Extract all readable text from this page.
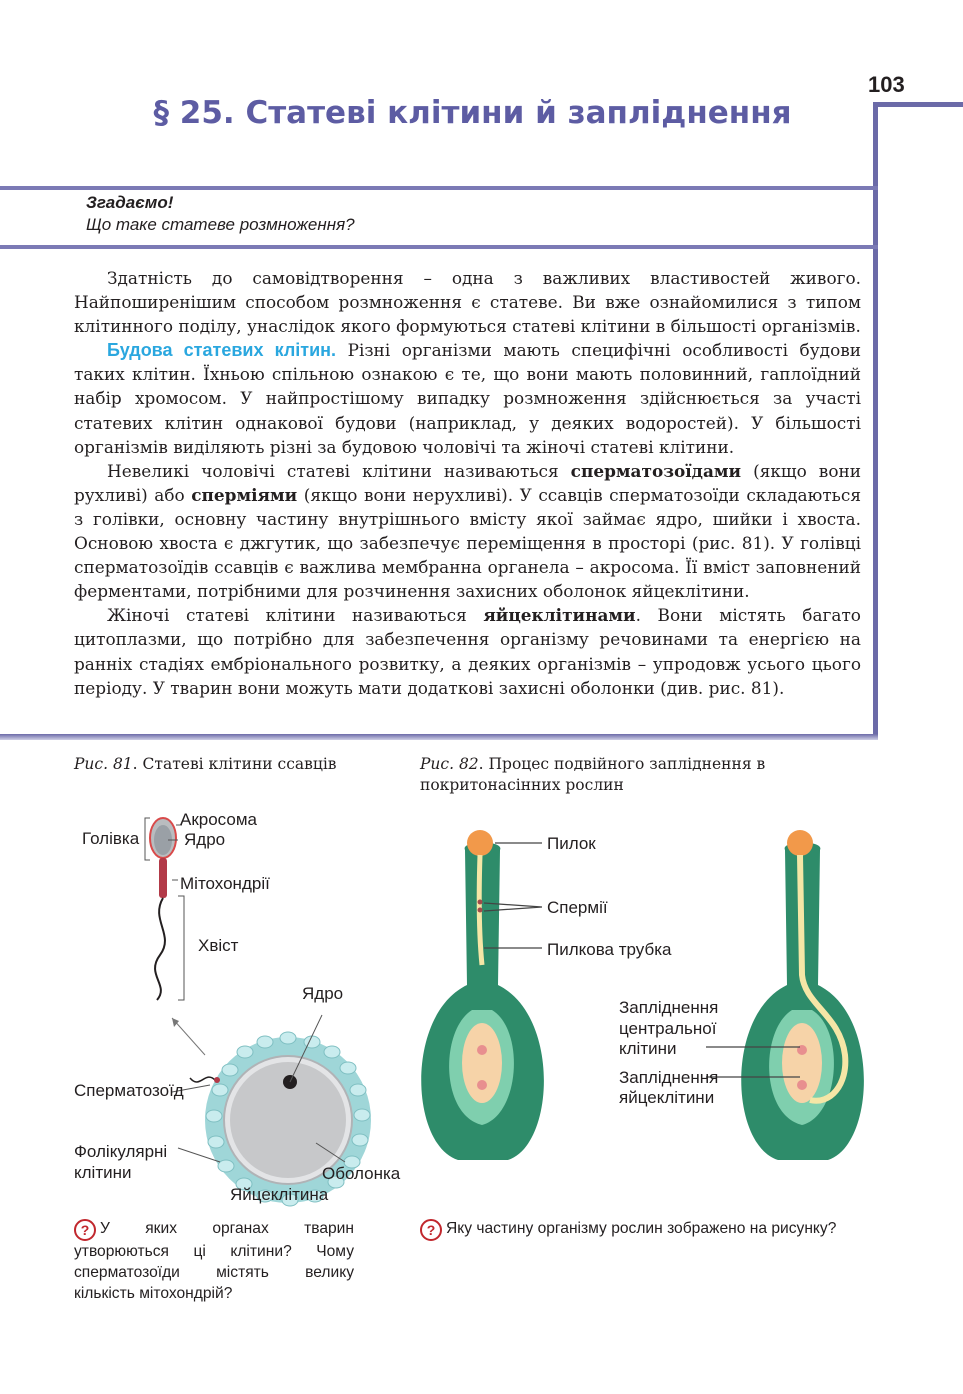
103
§ 25. Статеві клітини й запліднення
Згадаємо!
Що таке статеве розмноження?

Здатність до самовідтворення – одна з важливих властивостей живого. Найпоширенішим способом розмноження є статеве. Ви вже ознайомилися з типом клітинного поділу, унаслідок якого формуються статеві клітини в більшості організмів.

Будова статевих клітин. Різні організми мають специфічні особливості будови таких клітин. Їхньою спільною ознакою є те, що вони мають половинний, гаплоїдний набір хромосом. У найпростішому випадку розмноження здійснюється за участі статевих клітин однакової будови (наприклад, у деяких водоростей). У більшості організмів виділяють різні за будовою чоловічі та жіночі статеві клітини.

Невеликі чоловічі статеві клітини називаються сперматозоїдами (якщо вони рухливі) або сперміями (якщо вони нерухливі). У ссавців сперматозоїди складаються з голівки, основну частину внутрішнього вмісту якої займає ядро, шийки і хвоста. Основою хвоста є джгутик, що забезпечує переміщення в просторі (рис. 81). У голівці сперматозоїдів ссавців є важлива мембранна органела – акросома. Її вміст заповнений ферментами, потрібними для розчинення захисних оболонок яйцеклітини.

Жіночі статеві клітини називаються яйцеклітинами. Вони містять багато цитоплазми, що потрібно для забезпечення організму речовинами та енергією на ранніх стадіях ембріонального розвитку, а деяких організмів – упродовж усього цього періоду. У тварин вони можуть мати додаткові захисні оболонки (див. рис. 81).

Рис. 81. Статеві клітини ссавців	Рис. 82. Процес подвійного запліднення в покритонасінних рослин
Голівка
Акросома
Ядро
Мітохондрії
Хвіст
Ядро
Сперматозоїд
Фолікулярні
клітини	Оболонка
Яйцеклітина
Пилок
Спермії
Пилкова трубка
Запліднення
центральної
клітини
Запліднення
яйцеклітини
? У яких органах тварин утворюються ці клітини? Чому сперматозоїди містять велику кількість мітохондрій?
? Яку частину організму рослин зображено на рисунку?
